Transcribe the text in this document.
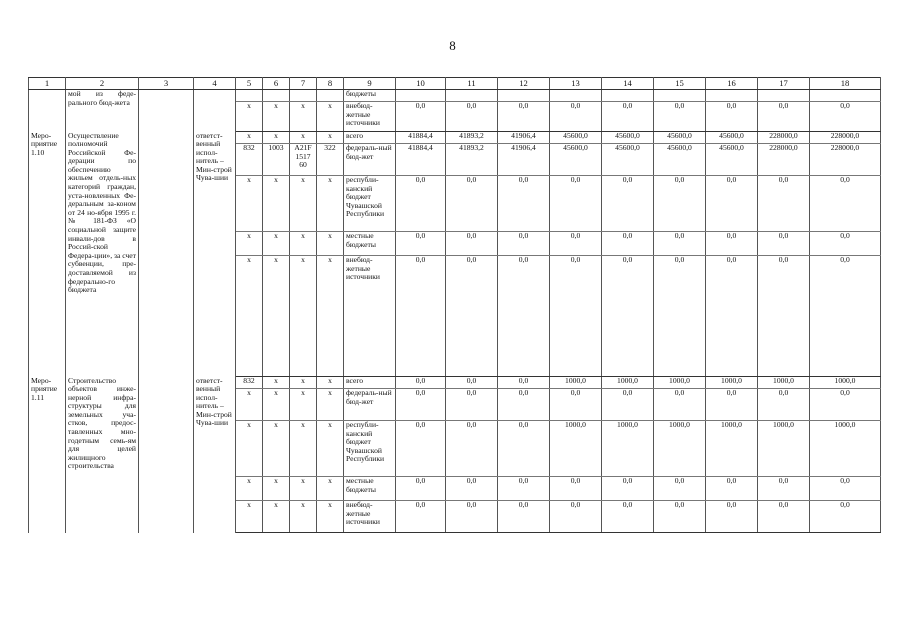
8
1	2	3	4	5	6	7	8	9	10	11	12	13	14	15	16	17	18
	мой из феде-рального бюд-жета							бюджеты									
				х	х	х	х	внебюд-жетные источники	0,0	0,0	0,0	0,0	0,0	0,0	0,0	0,0	0,0
Меро-приятие 1.10	Осуществление полномочий Российской Фе-дерации по обеспечению жильем отдель-ных категорий граждан, уста-новленных Фе-деральным за-коном от 24 но-ября 1995 г. № 181-ФЗ «О социальной защите инвали-дов в Россий-ской Федера-ции», за счет субвенции, пре-доставляемой из федерально-го бюджета		ответст-венный испол-нитель – Мин-строй Чува-шии	х	х	х	х	всего	41884,4	41893,2	41906,4	45600,0	45600,0	45600,0	45600,0	228000,0	228000,0
				832	1003	A21F 1517 60	322	федераль-ный бюд-жет	41884,4	41893,2	41906,4	45600,0	45600,0	45600,0	45600,0	228000,0	228000,0
				х	х	х	х	республи-канский бюджет Чувашской Республики	0,0	0,0	0,0	0,0	0,0	0,0	0,0	0,0	0,0
				х	х	х	х	местные бюджеты	0,0	0,0	0,0	0,0	0,0	0,0	0,0	0,0	0,0
				х	х	х	х	внебюд-жетные источники	0,0	0,0	0,0	0,0	0,0	0,0	0,0	0,0	0,0
Меро-приятие 1.11	Строительство объектов инже-нерной инфра-структуры для земельных уча-стков, предос-тавленных мно-годетным семь-ям для целей жилищного строительства		ответст-венный испол-нитель – Мин-строй Чува-шии	832	х	х	х	всего	0,0	0,0	0,0	1000,0	1000,0	1000,0	1000,0	1000,0	1000,0
				х	х	х	х	федераль-ный бюд-жет	0,0	0,0	0,0	0,0	0,0	0,0	0,0	0,0	0,0
				х	х	х	х	республи-канский бюджет Чувашской Республики	0,0	0,0	0,0	1000,0	1000,0	1000,0	1000,0	1000,0	1000,0
				х	х	х	х	местные бюджеты	0,0	0,0	0,0	0,0	0,0	0,0	0,0	0,0	0,0
				х	х	х	х	внебюд-жетные источники	0,0	0,0	0,0	0,0	0,0	0,0	0,0	0,0	0,0
